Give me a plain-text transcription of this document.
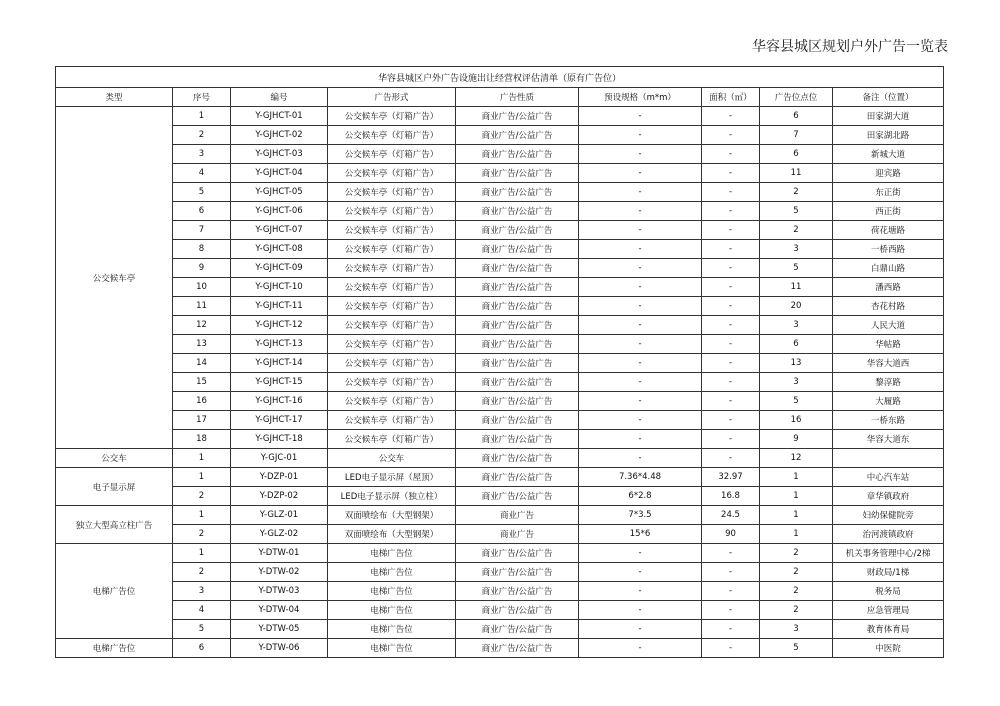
华容县城区规划户外广告一览表
华容县城区户外广告设施出让经营权评估清单（原有广告位）								
类型	序号	编号	广告形式	广告性质	预设规格（m*m）	面积（㎡）	广告位点位	备注（位置）
公交候车亭	1	Y-GJHCT-01	公交候车亭（灯箱广告）	商业广告/公益广告	-	-	6	田家湖大道
	2	Y-GJHCT-02	公交候车亭（灯箱广告）	商业广告/公益广告	-	-	7	田家湖北路
	3	Y-GJHCT-03	公交候车亭（灯箱广告）	商业广告/公益广告	-	-	6	新城大道
	4	Y-GJHCT-04	公交候车亭（灯箱广告）	商业广告/公益广告	-	-	11	迎宾路
	5	Y-GJHCT-05	公交候车亭（灯箱广告）	商业广告/公益广告	-	-	2	东正街
	6	Y-GJHCT-06	公交候车亭（灯箱广告）	商业广告/公益广告	-	-	5	西正街
	7	Y-GJHCT-07	公交候车亭（灯箱广告）	商业广告/公益广告	-	-	2	荷花塘路
	8	Y-GJHCT-08	公交候车亭（灯箱广告）	商业广告/公益广告	-	-	3	一桥西路
	9	Y-GJHCT-09	公交候车亭（灯箱广告）	商业广告/公益广告	-	-	5	白鼎山路
	10	Y-GJHCT-10	公交候车亭（灯箱广告）	商业广告/公益广告	-	-	11	潘西路
	11	Y-GJHCT-11	公交候车亭（灯箱广告）	商业广告/公益广告	-	-	20	杏花村路
	12	Y-GJHCT-12	公交候车亭（灯箱广告）	商业广告/公益广告	-	-	3	人民大道
	13	Y-GJHCT-13	公交候车亭（灯箱广告）	商业广告/公益广告	-	-	6	华帖路
	14	Y-GJHCT-14	公交候车亭（灯箱广告）	商业广告/公益广告	-	-	13	华容大道西
	15	Y-GJHCT-15	公交候车亭（灯箱广告）	商业广告/公益广告	-	-	3	黎淳路
	16	Y-GJHCT-16	公交候车亭（灯箱广告）	商业广告/公益广告	-	-	5	大履路
	17	Y-GJHCT-17	公交候车亭（灯箱广告）	商业广告/公益广告	-	-	16	一桥东路
	18	Y-GJHCT-18	公交候车亭（灯箱广告）	商业广告/公益广告	-	-	9	华容大道东
公交车	1	Y-GJC-01	公交车	商业广告/公益广告	-	-	12	
电子显示屏	1	Y-DZP-01	LED电子显示屏（屋顶）	商业广告/公益广告	7.36*4.48	32.97	1	中心汽车站
	2	Y-DZP-02	LED电子显示屏（独立柱）	商业广告/公益广告	6*2.8	16.8	1	章华镇政府
独立大型高立柱广告	1	Y-GLZ-01	双面喷绘布（大型钢架）	商业广告	7*3.5	24.5	1	妇幼保健院旁
	2	Y-GLZ-02	双面喷绘布（大型钢架）	商业广告	15*6	90	1	治河渡镇政府
电梯广告位	1	Y-DTW-01	电梯广告位	商业广告/公益广告	-	-	2	机关事务管理中心/2梯
	2	Y-DTW-02	电梯广告位	商业广告/公益广告	-	-	2	财政局/1梯
	3	Y-DTW-03	电梯广告位	商业广告/公益广告	-	-	2	税务局
	4	Y-DTW-04	电梯广告位	商业广告/公益广告	-	-	2	应急管理局
	5	Y-DTW-05	电梯广告位	商业广告/公益广告	-	-	3	教育体育局
电梯广告位	6	Y-DTW-06	电梯广告位	商业广告/公益广告	-	-	5	中医院
